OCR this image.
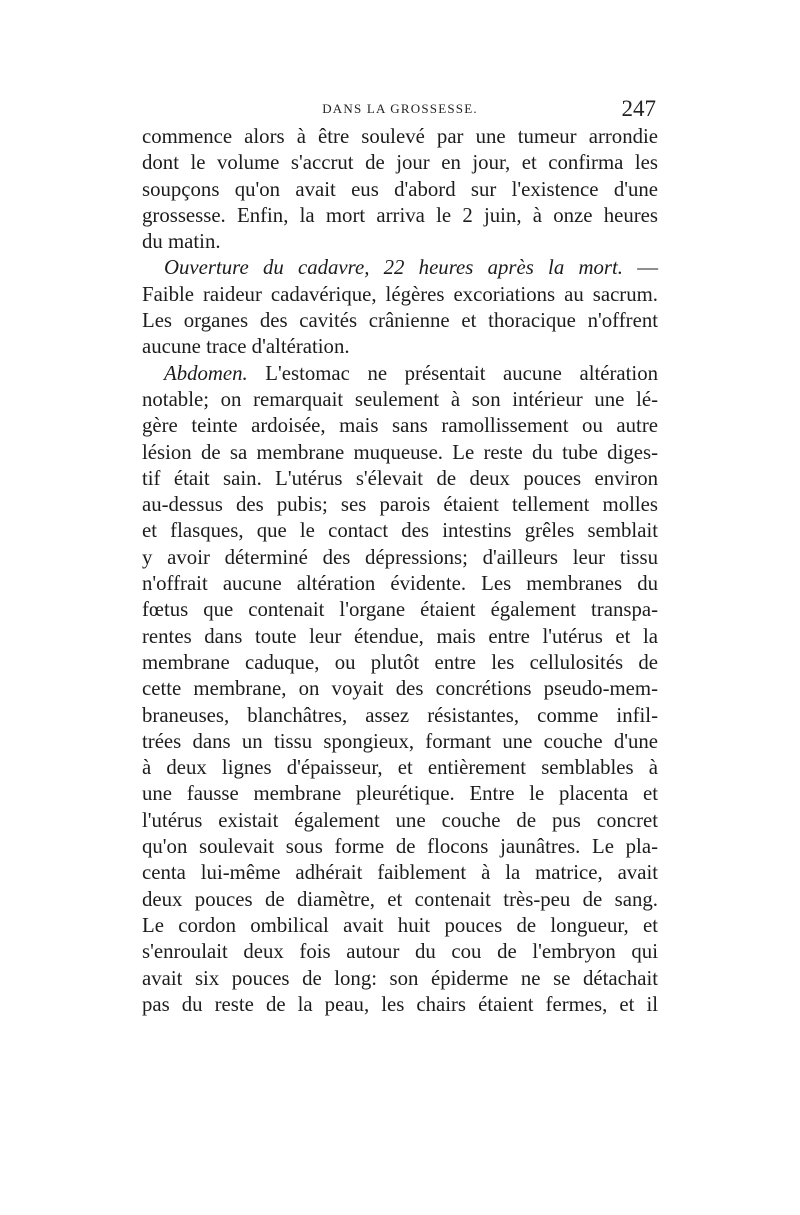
DANS LA GROSSESSE.	247
commence alors à être soulevé par une tumeur arrondie
dont le volume s'accrut de jour en jour, et confirma les
soupçons qu'on avait eus d'abord sur l'existence d'une
grossesse. Enfin, la mort arriva le 2 juin, à onze heures
du matin.
Ouverture du cadavre, 22 heures après la mort. —
Faible raideur cadavérique, légères excoriations au sacrum.
Les organes des cavités crânienne et thoracique n'offrent
aucune trace d'altération.
Abdomen. L'estomac ne présentait aucune altération
notable; on remarquait seulement à son intérieur une lé-
gère teinte ardoisée, mais sans ramollissement ou autre
lésion de sa membrane muqueuse. Le reste du tube diges-
tif était sain. L'utérus s'élevait de deux pouces environ
au-dessus des pubis; ses parois étaient tellement molles
et flasques, que le contact des intestins grêles semblait
y avoir déterminé des dépressions; d'ailleurs leur tissu
n'offrait aucune altération évidente. Les membranes du
fœtus que contenait l'organe étaient également transpa-
rentes dans toute leur étendue, mais entre l'utérus et la
membrane caduque, ou plutôt entre les cellulosités de
cette membrane, on voyait des concrétions pseudo-mem-
braneuses, blanchâtres, assez résistantes, comme infil-
trées dans un tissu spongieux, formant une couche d'une
à deux lignes d'épaisseur, et entièrement semblables à
une fausse membrane pleurétique. Entre le placenta et
l'utérus existait également une couche de pus concret
qu'on soulevait sous forme de flocons jaunâtres. Le pla-
centa lui-même adhérait faiblement à la matrice, avait
deux pouces de diamètre, et contenait très-peu de sang.
Le cordon ombilical avait huit pouces de longueur, et
s'enroulait deux fois autour du cou de l'embryon qui
avait six pouces de long: son épiderme ne se détachait
pas du reste de la peau, les chairs étaient fermes, et il
